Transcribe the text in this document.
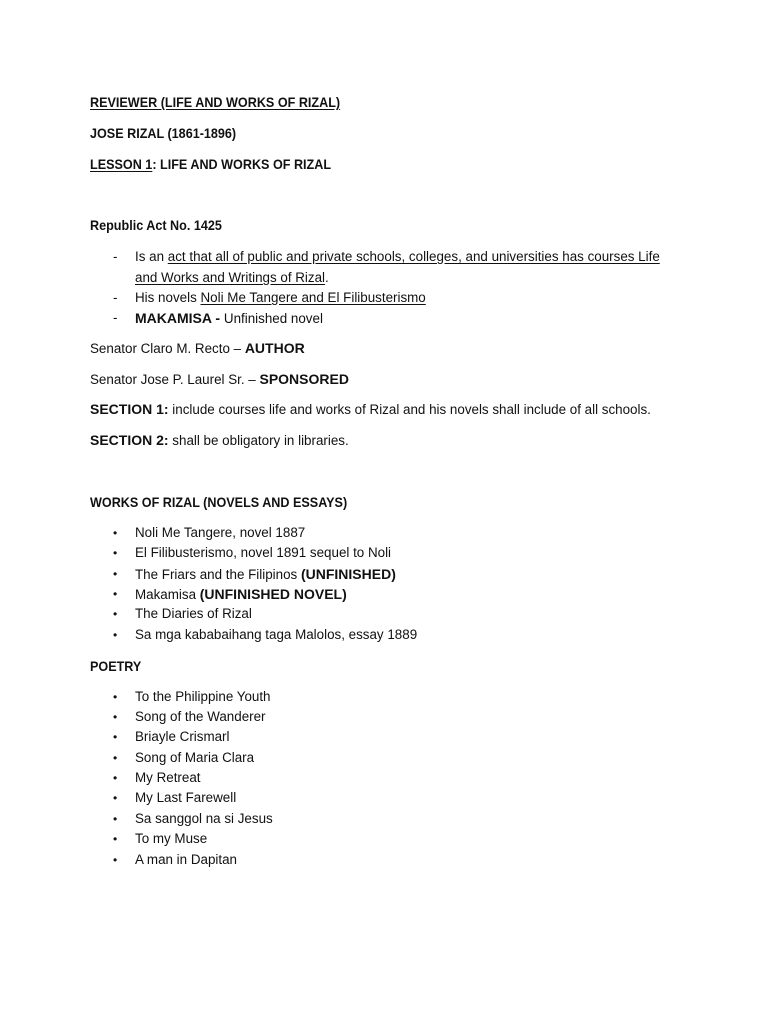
REVIEWER (LIFE AND WORKS OF RIZAL)
JOSE RIZAL (1861-1896)
LESSON 1: LIFE AND WORKS OF RIZAL
Republic Act No. 1425
- Is an act that all of public and private schools, colleges, and universities has courses Life
and Works and Writings of Rizal.
- His novels Noli Me Tangere and El Filibusterismo
- MAKAMISA - Unfinished novel
Senator Claro M. Recto – AUTHOR
Senator Jose P. Laurel Sr. – SPONSORED
SECTION 1: include courses life and works of Rizal and his novels shall include of all schools.
SECTION 2: shall be obligatory in libraries.
WORKS OF RIZAL (NOVELS AND ESSAYS)
• Noli Me Tangere, novel 1887
• El Filibusterismo, novel 1891 sequel to Noli
• The Friars and the Filipinos (UNFINISHED)
• Makamisa (UNFINISHED NOVEL)
• The Diaries of Rizal
• Sa mga kababaihang taga Malolos, essay 1889
POETRY
• To the Philippine Youth
• Song of the Wanderer
• Briayle Crismarl
• Song of Maria Clara
• My Retreat
• My Last Farewell
• Sa sanggol na si Jesus
• To my Muse
• A man in Dapitan
